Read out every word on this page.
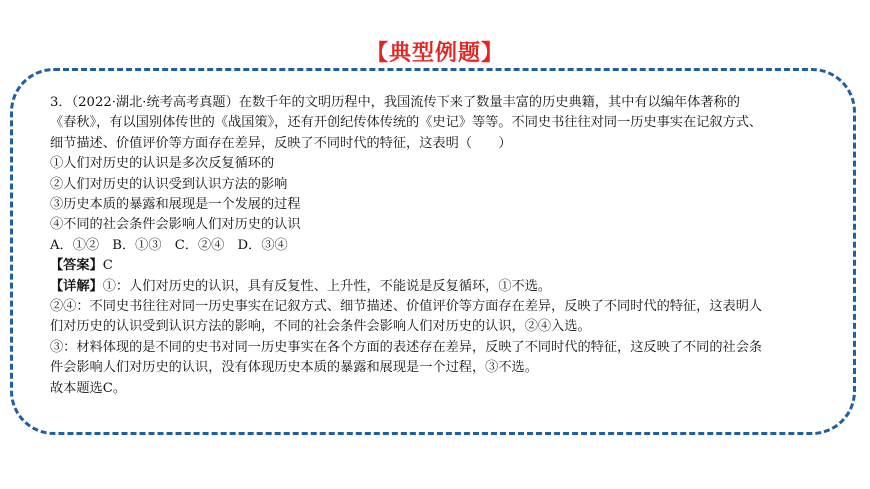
【典型例题】
3．（2022·湖北·统考高考真题）在数千年的文明历程中，我国流传下来了数量丰富的历史典籍，其中有以编年体著称的
《春秋》，有以国别体传世的《战国策》，还有开创纪传体传统的《史记》等等。不同史书往往对同一历史事实在记叙方式、
细节描述、价值评价等方面存在差异，反映了不同时代的特征，这表明（　　）
①人们对历史的认识是多次反复循环的
②人们对历史的认识受到认识方法的影响
③历史本质的暴露和展现是一个发展的过程
④不同的社会条件会影响人们对历史的认识
A．①②　B．①③　C．②④　D．③④
【答案】C
【详解】①：人们对历史的认识，具有反复性、上升性，不能说是反复循环，①不选。
②④：不同史书往往对同一历史事实在记叙方式、细节描述、价值评价等方面存在差异，反映了不同时代的特征，这表明人
们对历史的认识受到认识方法的影响，不同的社会条件会影响人们对历史的认识，②④入选。
③：材料体现的是不同的史书对同一历史事实在各个方面的表述存在差异，反映了不同时代的特征，这反映了不同的社会条
件会影响人们对历史的认识，没有体现历史本质的暴露和展现是一个过程，③不选。
故本题选C。
